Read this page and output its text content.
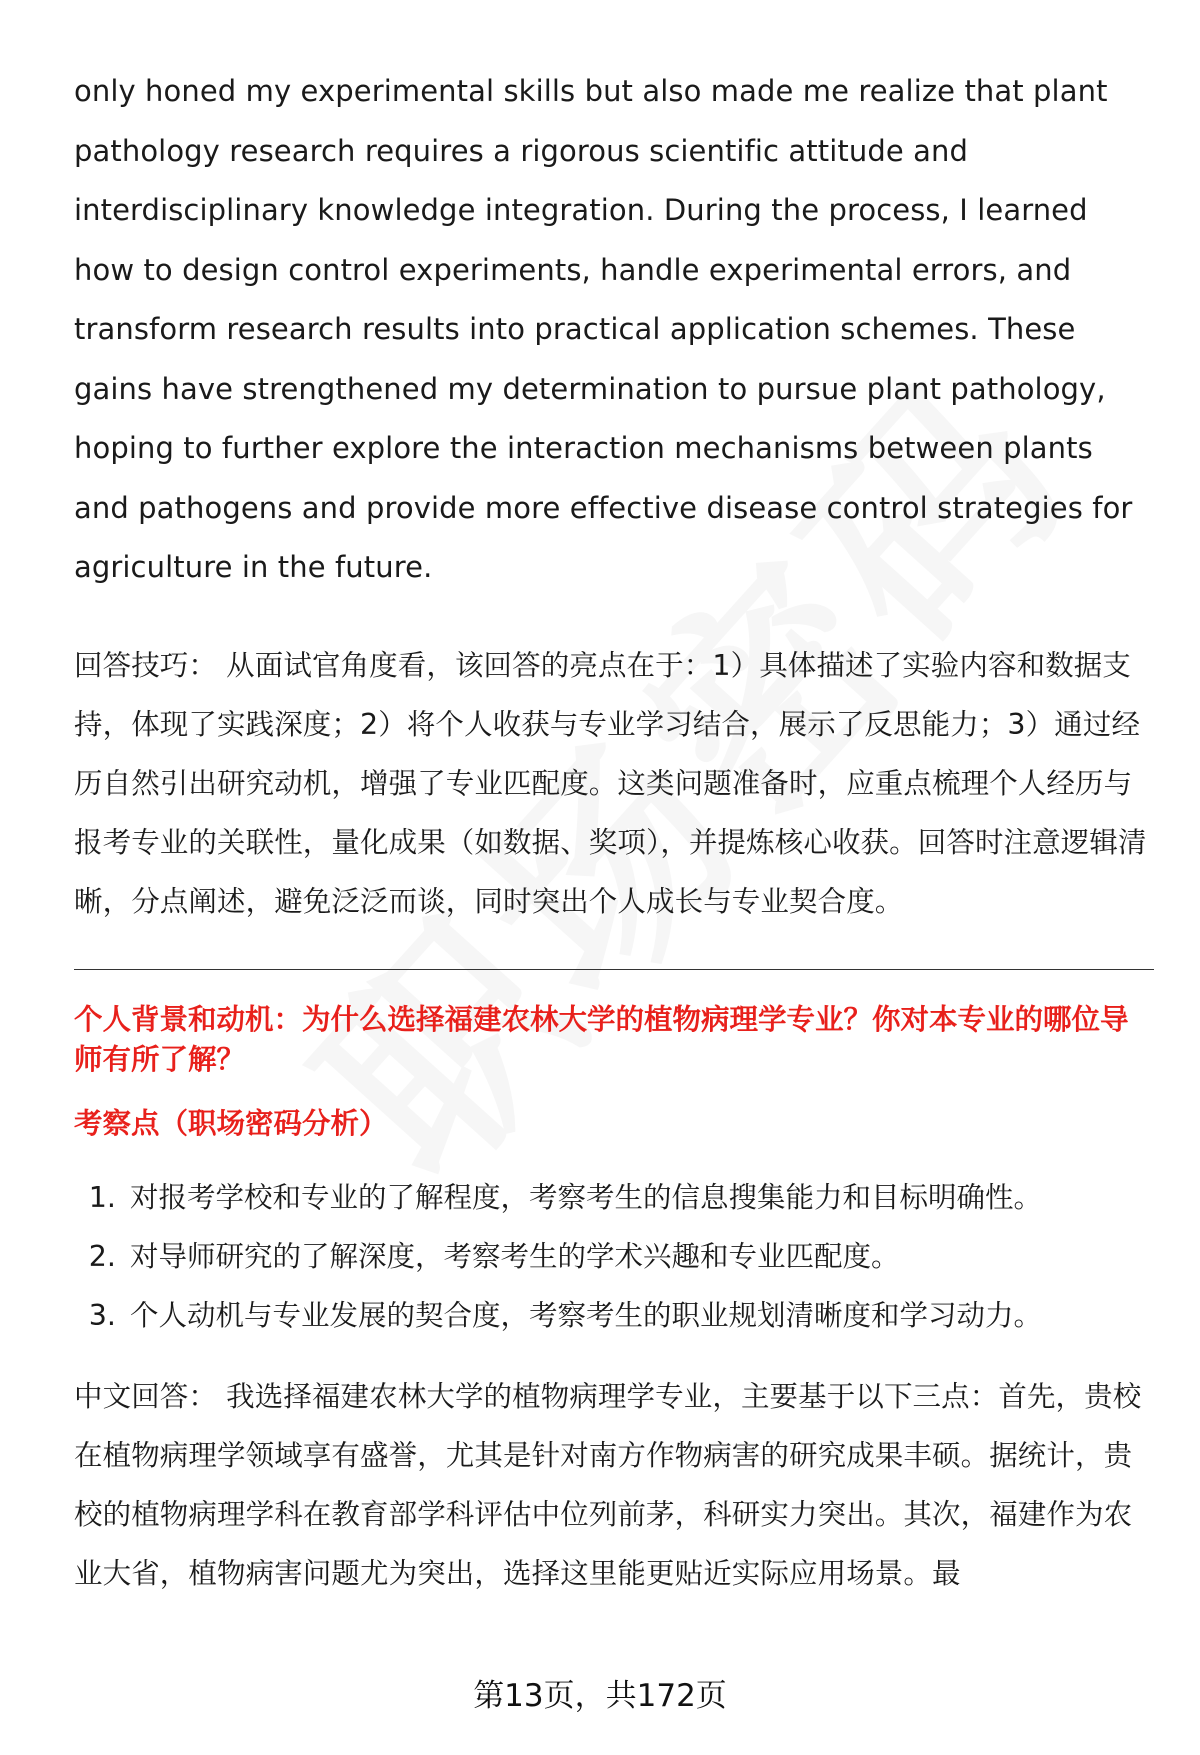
only honed my experimental skills but also made me realize that plant pathology research requires a rigorous scientific attitude and interdisciplinary knowledge integration. During the process, I learned how to design control experiments, handle experimental errors, and transform research results into practical application schemes. These gains have strengthened my determination to pursue plant pathology, hoping to further explore the interaction mechanisms between plants and pathogens and provide more effective disease control strategies for agriculture in the future.

回答技巧： 从面试官角度看，该回答的亮点在于：1）具体描述了实验内容和数据支持，体现了实践深度；2）将个人收获与专业学习结合，展示了反思能力；3）通过经历自然引出研究动机，增强了专业匹配度。这类问题准备时，应重点梳理个人经历与报考专业的关联性，量化成果（如数据、奖项），并提炼核心收获。回答时注意逻辑清晰，分点阐述，避免泛泛而谈，同时突出个人成长与专业契合度。

个人背景和动机：为什么选择福建农林大学的植物病理学专业？你对本专业的哪位导师有所了解？

考察点（职场密码分析）

1. 对报考学校和专业的了解程度，考察考生的信息搜集能力和目标明确性。
2. 对导师研究的了解深度，考察考生的学术兴趣和专业匹配度。
3. 个人动机与专业发展的契合度，考察考生的职业规划清晰度和学习动力。

中文回答： 我选择福建农林大学的植物病理学专业，主要基于以下三点：首先，贵校在植物病理学领域享有盛誉，尤其是针对南方作物病害的研究成果丰硕。据统计，贵校的植物病理学科在教育部学科评估中位列前茅，科研实力突出。其次，福建作为农业大省，植物病害问题尤为突出，选择这里能更贴近实际应用场景。最

第13页，共172页
